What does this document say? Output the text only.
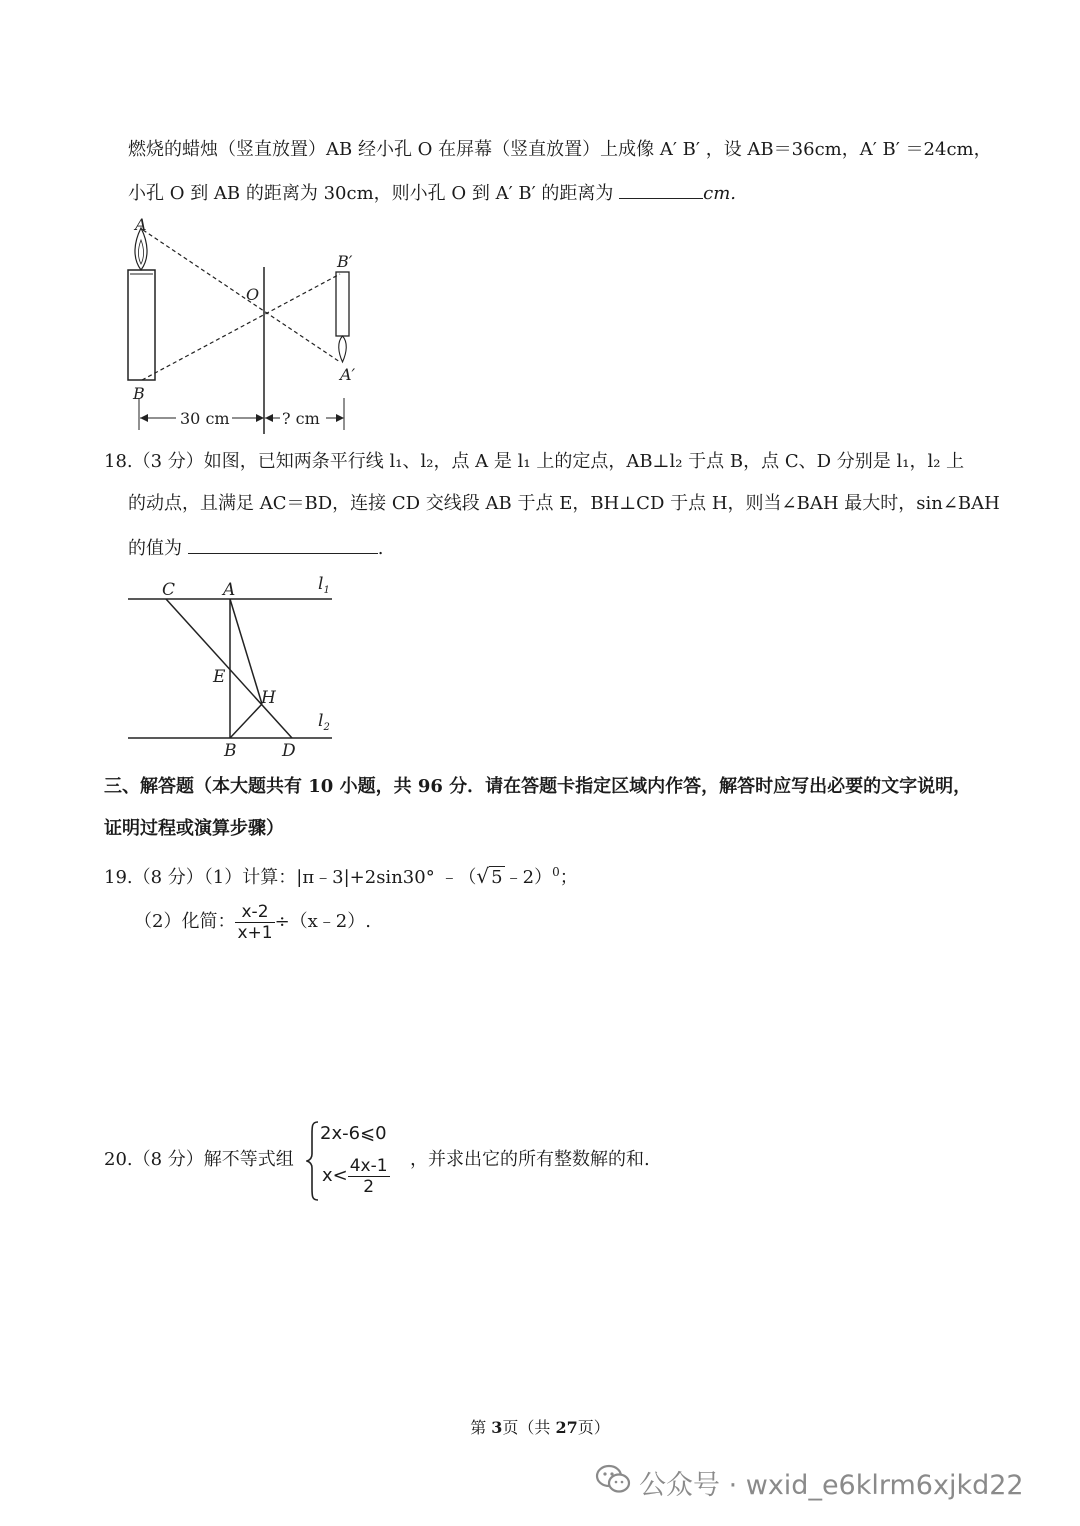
燃烧的蜡烛（竖直放置）AB 经小孔 O 在屏幕（竖直放置）上成像 A′ B′ ，设 AB＝36cm，A′ B′ ＝24cm，
小孔 O 到 AB 的距离为 30cm，则小孔 O 到 A′ B′ 的距离为	cm.
A
B
O
B′
A′
30 cm	? cm
18.（3 分）如图，已知两条平行线 l₁、l₂，点 A 是 l₁ 上的定点，AB⊥l₂ 于点 B，点 C、D 分别是 l₁，l₂ 上
的动点，且满足 AC＝BD，连接 CD 交线段 AB 于点 E，BH⊥CD 于点 H，则当∠BAH 最大时，sin∠BAH
的值为	.
C	A	$l_1$
E
H
$l_2$
B	D
三、解答题（本大题共有 10 小题，共 96 分．请在答题卡指定区域内作答，解答时应写出必要的文字说明，
证明过程或演算步骤）
19.（8 分）（1）计算：|π﹣3|+2sin30° ﹣（√ 5 ﹣2）$^0$；
（2）化简： $\frac{x-2}{x+1}$ ÷（x﹣2）.
20.（8 分）解不等式组
2x-6⩽0
$x< \frac{4x-1}{2}$ ，并求出它的所有整数解的和.
第 3页（共 27页）
公众号 · wxid_e6klrm6xjkd22
